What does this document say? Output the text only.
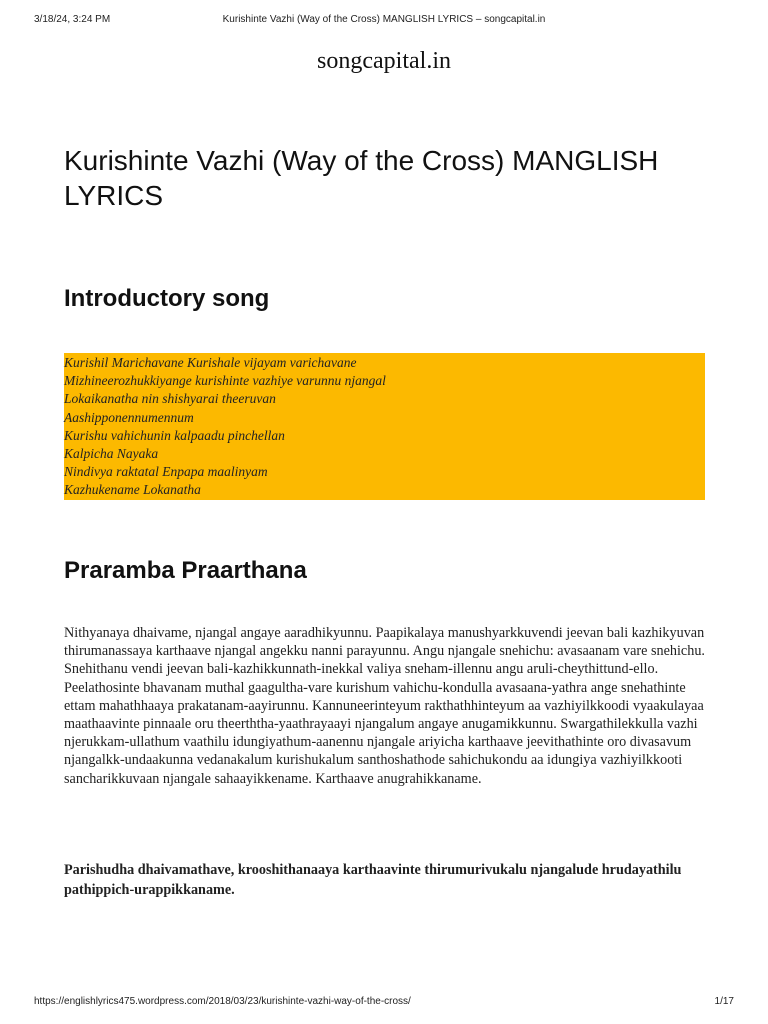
3/18/24, 3:24 PM	Kurishinte Vazhi (Way of the Cross) MANGLISH LYRICS – songcapital.in
songcapital.in
Kurishinte Vazhi (Way of the Cross) MANGLISH LYRICS
Introductory song
Kurishil Marichavane Kurishale vijayam varichavane
Mizhineerozhukkiyange kurishinte vazhiye varunnu njangal
Lokaikanatha nin shishyarai theeruvan
Aashipponennumennum
Kurishu vahichunin kalpaadu pinchellan
Kalpicha Nayaka
Nindivya raktatal Enpapa maalinyam
Kazhukename Lokanatha
Praramba Praarthana

Nithyanaya dhaivame, njangal angaye aaradhikyunnu. Paapikalaya manushyarkkuvendi jeevan bali kazhikyuvan thirumanassaya karthaave njangal angekku nanni parayunnu. Angu njangale snehichu: avasaanam vare snehichu. Snehithanu vendi jeevan bali-kazhikkunnath-inekkal valiya sneham-illennu angu aruli-cheythittund-ello. Peelathosinte bhavanam muthal gaagultha-vare kurishum vahichu-kondulla avasaana-yathra ange snehathinte ettam mahathhaaya prakatanam-aayirunnu. Kannuneerinteyum rakthathhinteyum aa vazhiyilkkoodi vyaakulayaa maathaavinte pinnaale oru theerththa-yaathrayaayi njangalum angaye anugamikkunnu. Swargathilekkulla vazhi njerukkam-ullathum vaathilu idungiyathum-aanennu njangale ariyicha karthaave jeevithathinte oro divasavum njangalkk-undaakunna vedanakalum kurishukalum santhoshathode sahichukondu aa idungiya vazhiyilkkooti sancharikkuvaan njangale sahaayikkename. Karthaave anugrahikkaname.

Parishudha dhaivamathave, krooshithanaaya karthaavinte thirumurivukalu njangalude hrudayathilu pathippich-urappikkaname.

https://englishlyrics475.wordpress.com/2018/03/23/kurishinte-vazhi-way-of-the-cross/	1/17
